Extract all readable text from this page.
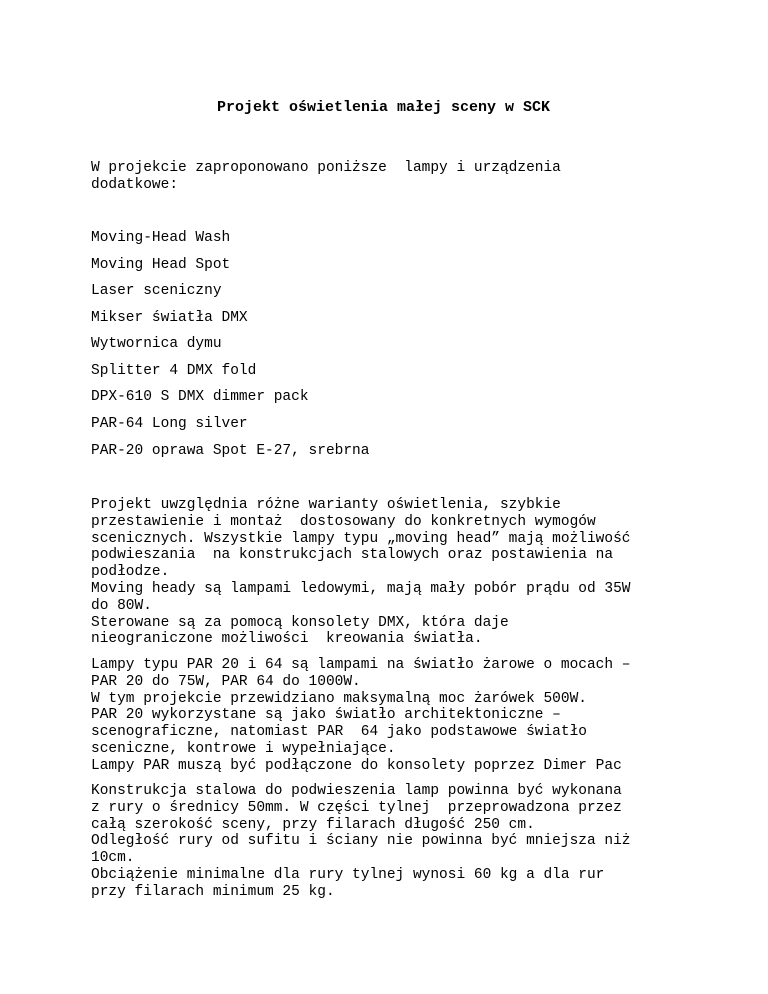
Projekt oświetlenia małej sceny w SCK
W projekcie zaproponowano poniższe  lampy i urządzenia
dodatkowe:
Moving-Head Wash
Moving Head Spot
Laser sceniczny
Mikser światła DMX
Wytwornica dymu
Splitter 4 DMX fold
DPX-610 S DMX dimmer pack
PAR-64 Long silver
PAR-20 oprawa Spot E-27, srebrna
Projekt uwzględnia różne warianty oświetlenia, szybkie
przestawienie i montaż  dostosowany do konkretnych wymogów
scenicznych. Wszystkie lampy typu „moving head” mają możliwość
podwieszania  na konstrukcjach stalowych oraz postawienia na
podłodze.
Moving heady są lampami ledowymi, mają mały pobór prądu od 35W
do 80W.
Sterowane są za pomocą konsolety DMX, która daje
nieograniczone możliwości  kreowania światła.
Lampy typu PAR 20 i 64 są lampami na światło żarowe o mocach –
PAR 20 do 75W, PAR 64 do 1000W.
W tym projekcie przewidziano maksymalną moc żarówek 500W.
PAR 20 wykorzystane są jako światło architektoniczne –
scenograficzne, natomiast PAR  64 jako podstawowe światło
sceniczne, kontrowe i wypełniające.
Lampy PAR muszą być podłączone do konsolety poprzez Dimer Pac
Konstrukcja stalowa do podwieszenia lamp powinna być wykonana
z rury o średnicy 50mm. W części tylnej  przeprowadzona przez
całą szerokość sceny, przy filarach długość 250 cm.
Odległość rury od sufitu i ściany nie powinna być mniejsza niż
10cm.
Obciążenie minimalne dla rury tylnej wynosi 60 kg a dla rur
przy filarach minimum 25 kg.
